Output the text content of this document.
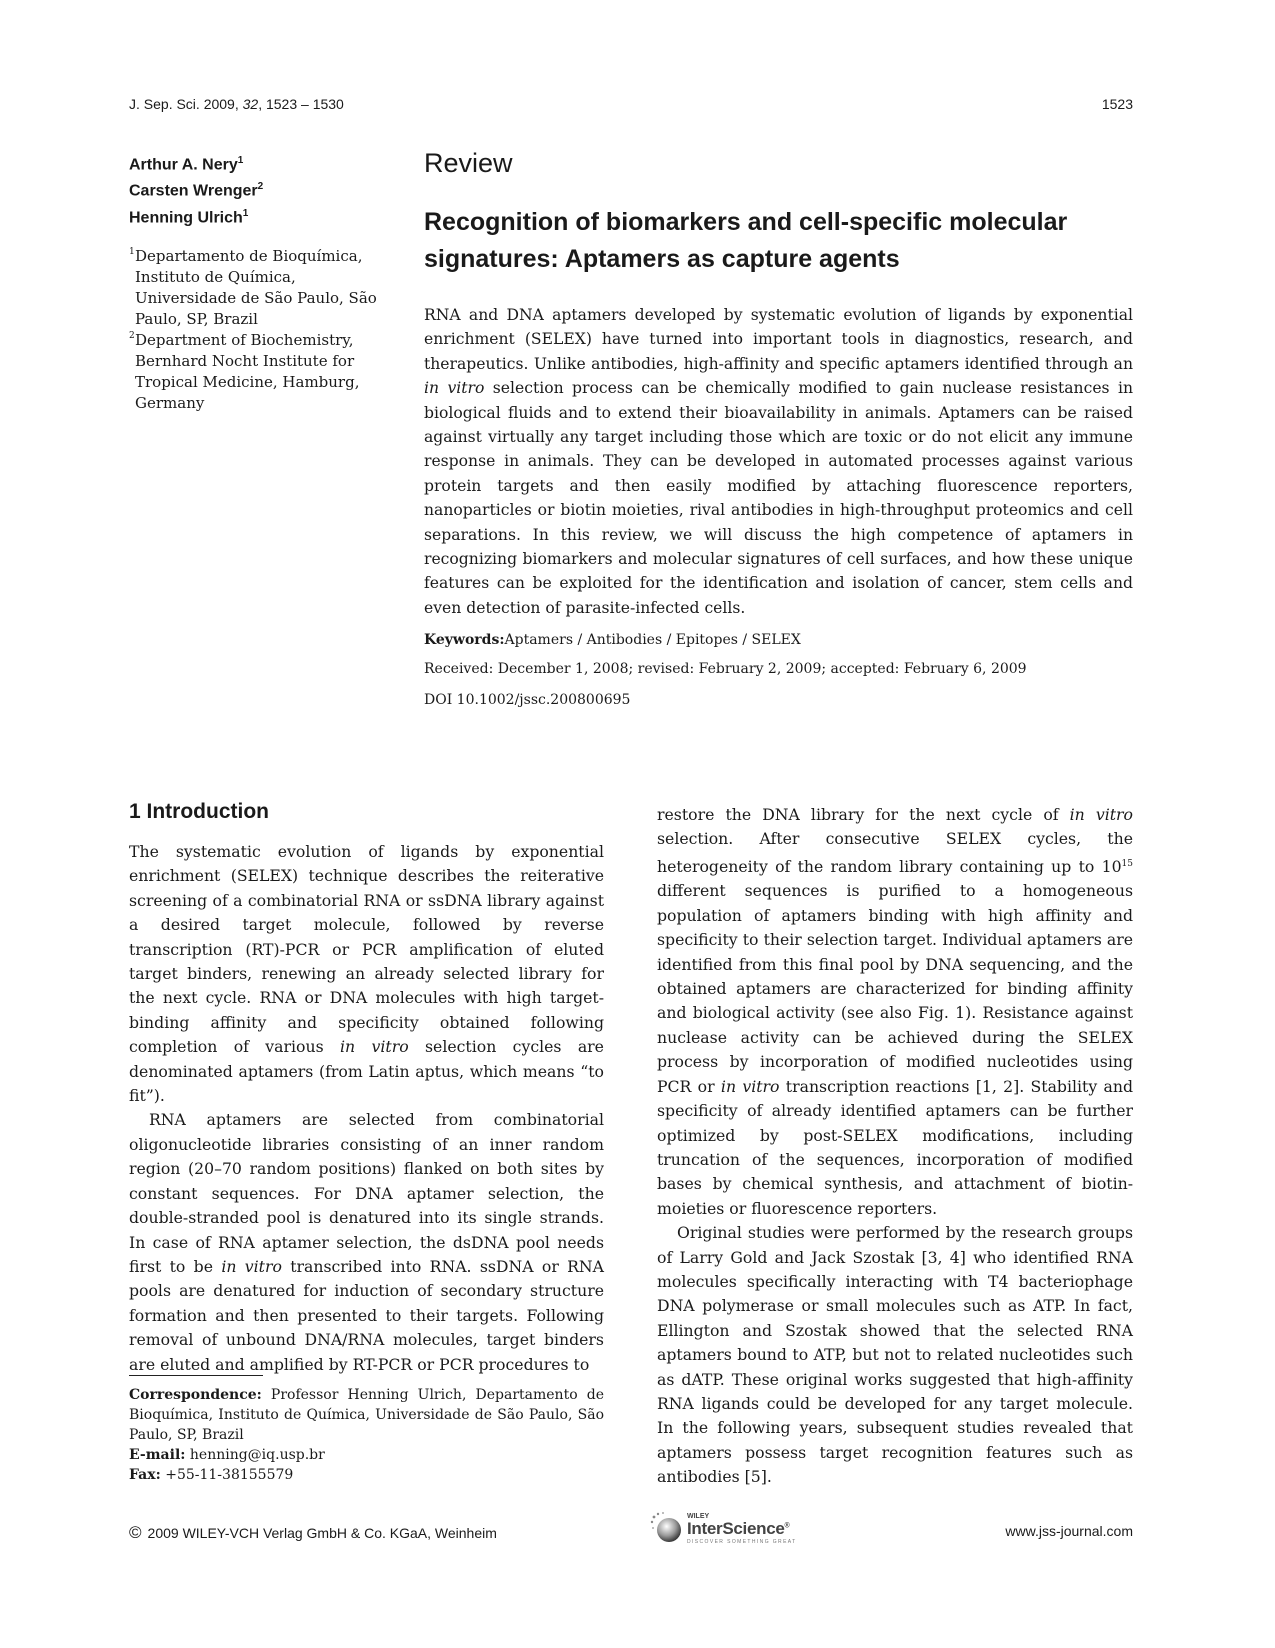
J. Sep. Sci. 2009, 32, 1523 – 1530	1523
Arthur A. Nery$^1$
Carsten Wrenger$^2$
Henning Ulrich$^1$
1 Departamento de Bioquímica, Instituto de Química, Universidade de São Paulo, São Paulo, SP, Brazil
2 Department of Biochemistry, Bernhard Nocht Institute for Tropical Medicine, Hamburg, Germany
Review
Recognition of biomarkers and cell-specific molecular signatures: Aptamers as capture agents

RNA and DNA aptamers developed by systematic evolution of ligands by exponential enrichment (SELEX) have turned into important tools in diagnostics, research, and therapeutics. Unlike antibodies, high-affinity and specific aptamers identified through an in vitro selection process can be chemically modified to gain nuclease resistances in biological fluids and to extend their bioavailability in animals. Aptamers can be raised against virtually any target including those which are toxic or do not elicit any immune response in animals. They can be developed in automated processes against various protein targets and then easily modified by attaching fluorescence reporters, nanoparticles or biotin moieties, rival antibodies in high-throughput proteomics and cell separations. In this review, we will discuss the high competence of aptamers in recognizing biomarkers and molecular signatures of cell surfaces, and how these unique features can be exploited for the identification and isolation of cancer, stem cells and even detection of parasite-infected cells.

Keywords:Aptamers / Antibodies / Epitopes / SELEX
Received: December 1, 2008; revised: February 2, 2009; accepted: February 6, 2009
DOI 10.1002/jssc.200800695
1 Introduction

The systematic evolution of ligands by exponential enrichment (SELEX) technique describes the reiterative screening of a combinatorial RNA or ssDNA library against a desired target molecule, followed by reverse transcription (RT)-PCR or PCR amplification of eluted target binders, renewing an already selected library for the next cycle. RNA or DNA molecules with high target-binding affinity and specificity obtained following completion of various in vitro selection cycles are denominated aptamers (from Latin aptus, which means “to fit”).

RNA aptamers are selected from combinatorial oligonucleotide libraries consisting of an inner random region (20–70 random positions) flanked on both sites by constant sequences. For DNA aptamer selection, the double-stranded pool is denatured into its single strands. In case of RNA aptamer selection, the dsDNA pool needs first to be in vitro transcribed into RNA. ssDNA or RNA pools are denatured for induction of secondary structure formation and then presented to their targets. Following removal of unbound DNA/RNA molecules, target binders are eluted and amplified by RT-PCR or PCR procedures to

restore the DNA library for the next cycle of in vitro selection. After consecutive SELEX cycles, the heterogeneity of the random library containing up to $10^{15}$ different sequences is purified to a homogeneous population of aptamers binding with high affinity and specificity to their selection target. Individual aptamers are identified from this final pool by DNA sequencing, and the obtained aptamers are characterized for binding affinity and biological activity (see also Fig. 1). Resistance against nuclease activity can be achieved during the SELEX process by incorporation of modified nucleotides using PCR or in vitro transcription reactions [1, 2]. Stability and specificity of already identified aptamers can be further optimized by post-SELEX modifications, including truncation of the sequences, incorporation of modified bases by chemical synthesis, and attachment of biotin-moieties or fluorescence reporters.

Original studies were performed by the research groups of Larry Gold and Jack Szostak [3, 4] who identified RNA molecules specifically interacting with T4 bacteriophage DNA polymerase or small molecules such as ATP. In fact, Ellington and Szostak showed that the selected RNA aptamers bound to ATP, but not to related nucleotides such as dATP. These original works suggested that high-affinity RNA ligands could be developed for any target molecule. In the following years, subsequent studies revealed that aptamers possess target recognition features such as antibodies [5].

Correspondence: Professor Henning Ulrich, Departamento de Bioquímica, Instituto de Química, Universidade de São Paulo, São Paulo, SP, Brazil
E-mail: henning@iq.usp.br
Fax: +55-11-38155579
© 2009 WILEY-VCH Verlag GmbH & Co. KGaA, Weinheim
WILEY
InterScience®
DISCOVER SOMETHING GREAT
www.jss-journal.com
